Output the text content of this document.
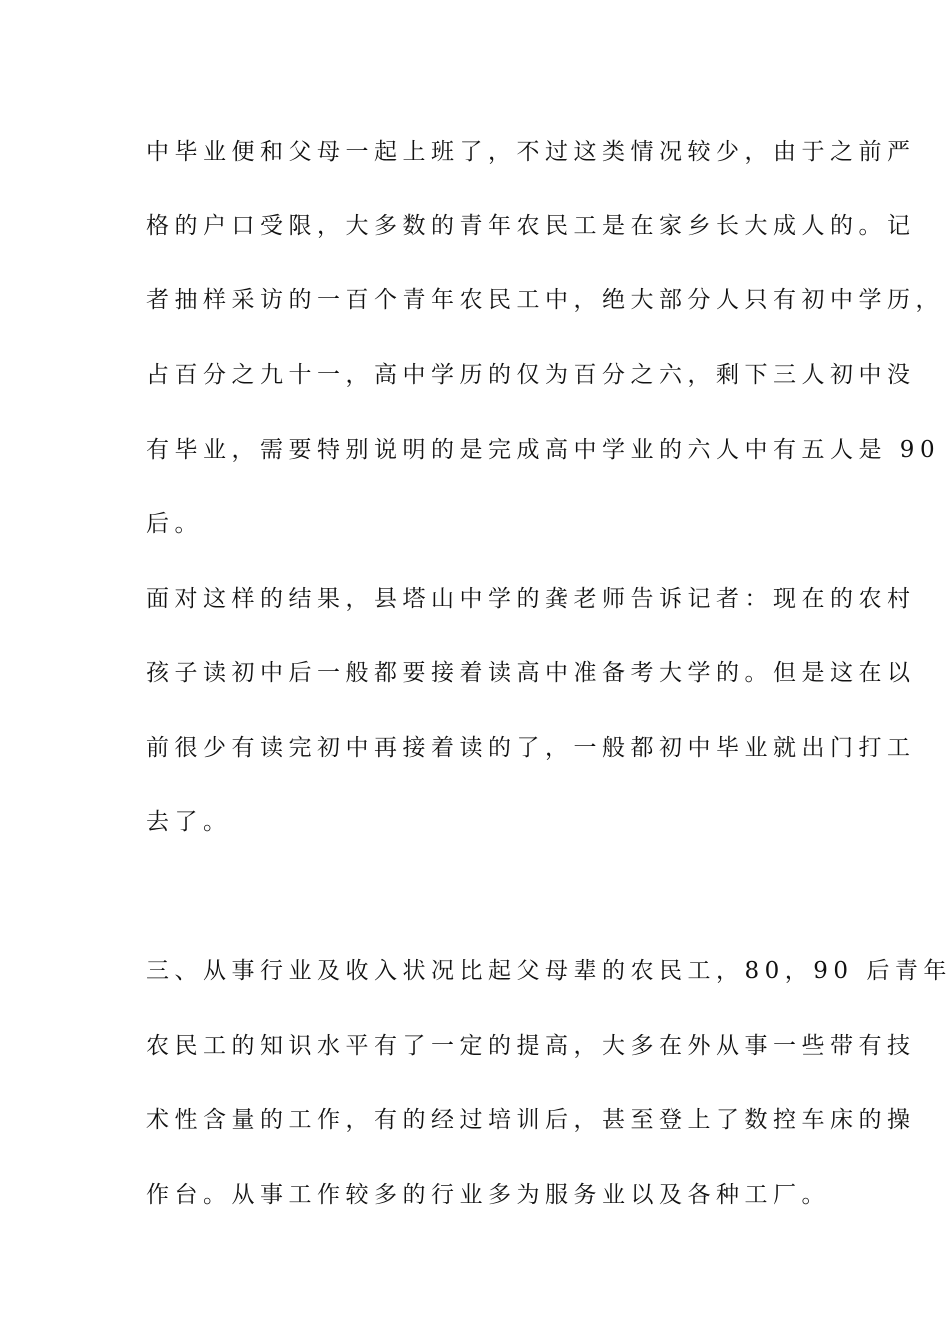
中毕业便和父母一起上班了，不过这类情况较少，由于之前严
格的户口受限，大多数的青年农民工是在家乡长大成人的。记
者抽样采访的一百个青年农民工中，绝大部分人只有初中学历，
占百分之九十一，高中学历的仅为百分之六，剩下三人初中没
有毕业，需要特别说明的是完成高中学业的六人中有五人是 90
后。
面对这样的结果，县塔山中学的龚老师告诉记者：现在的农村
孩子读初中后一般都要接着读高中准备考大学的。但是这在以
前很少有读完初中再接着读的了，一般都初中毕业就出门打工
去了。
三、从事行业及收入状况比起父母辈的农民工，80，90 后青年
农民工的知识水平有了一定的提高，大多在外从事一些带有技
术性含量的工作，有的经过培训后，甚至登上了数控车床的操
作台。从事工作较多的行业多为服务业以及各种工厂。
